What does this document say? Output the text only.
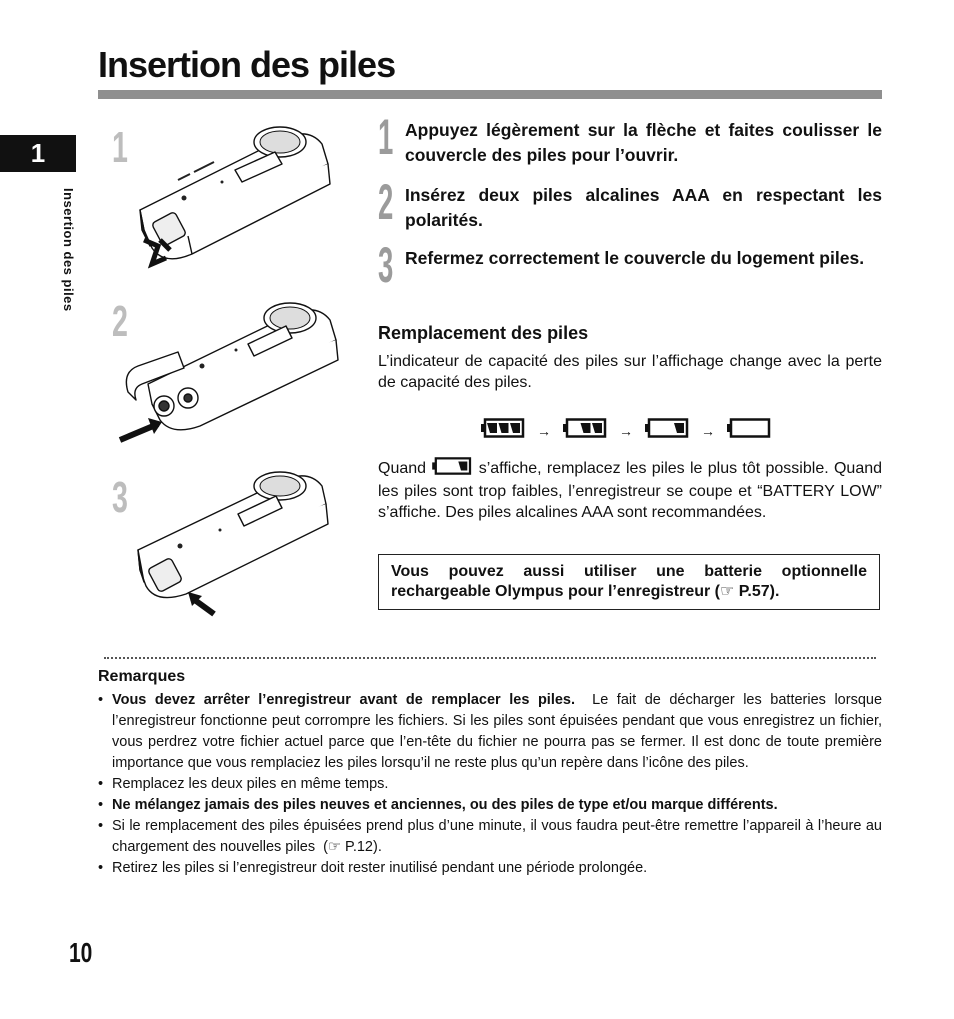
Insertion des piles
1
Insertion des piles
1
2
3
1 Appuyez légèrement sur la flèche et faites coulisser le couvercle des piles pour l’ouvrir.
2 Insérez deux piles alcalines AAA en respectant les polarités.
3 Refermez correctement le couvercle du logement piles.
Remplacement des piles
L’indicateur de capacité des piles sur l’affichage change avec la perte de capacité des piles.
→	→	→
Quand	s’affiche, remplacez les piles le plus tôt possible. Quand les piles sont trop faibles, l’enregistreur se coupe et “BATTERY LOW” s’affiche. Des piles alcalines AAA sont recommandées.
Vous pouvez aussi utiliser une batterie optionnelle rechargeable Olympus pour l’enregistreur (☞ P.57).
Remarques
• Vous devez arrêter l’enregistreur avant de remplacer les piles.  Le fait de décharger les batteries lorsque l’enregistreur fonctionne peut corrompre les fichiers. Si les piles sont épuisées pendant que vous enregistrez un fichier, vous perdrez votre fichier actuel parce que l’en-tête du fichier ne pourra pas se fermer. Il est donc de toute première importance que vous remplaciez les piles lorsqu’il ne reste plus qu’un repère dans l’icône des piles.
• Remplacez les deux piles en même temps.
• Ne mélangez jamais des piles neuves et anciennes, ou des piles de type et/ou marque différents.
• Si le remplacement des piles épuisées prend plus d’une minute, il vous faudra peut-être remettre l’appareil à l’heure au chargement des nouvelles piles  (☞ P.12).
• Retirez les piles si l’enregistreur doit rester inutilisé pendant une période prolongée.
10
